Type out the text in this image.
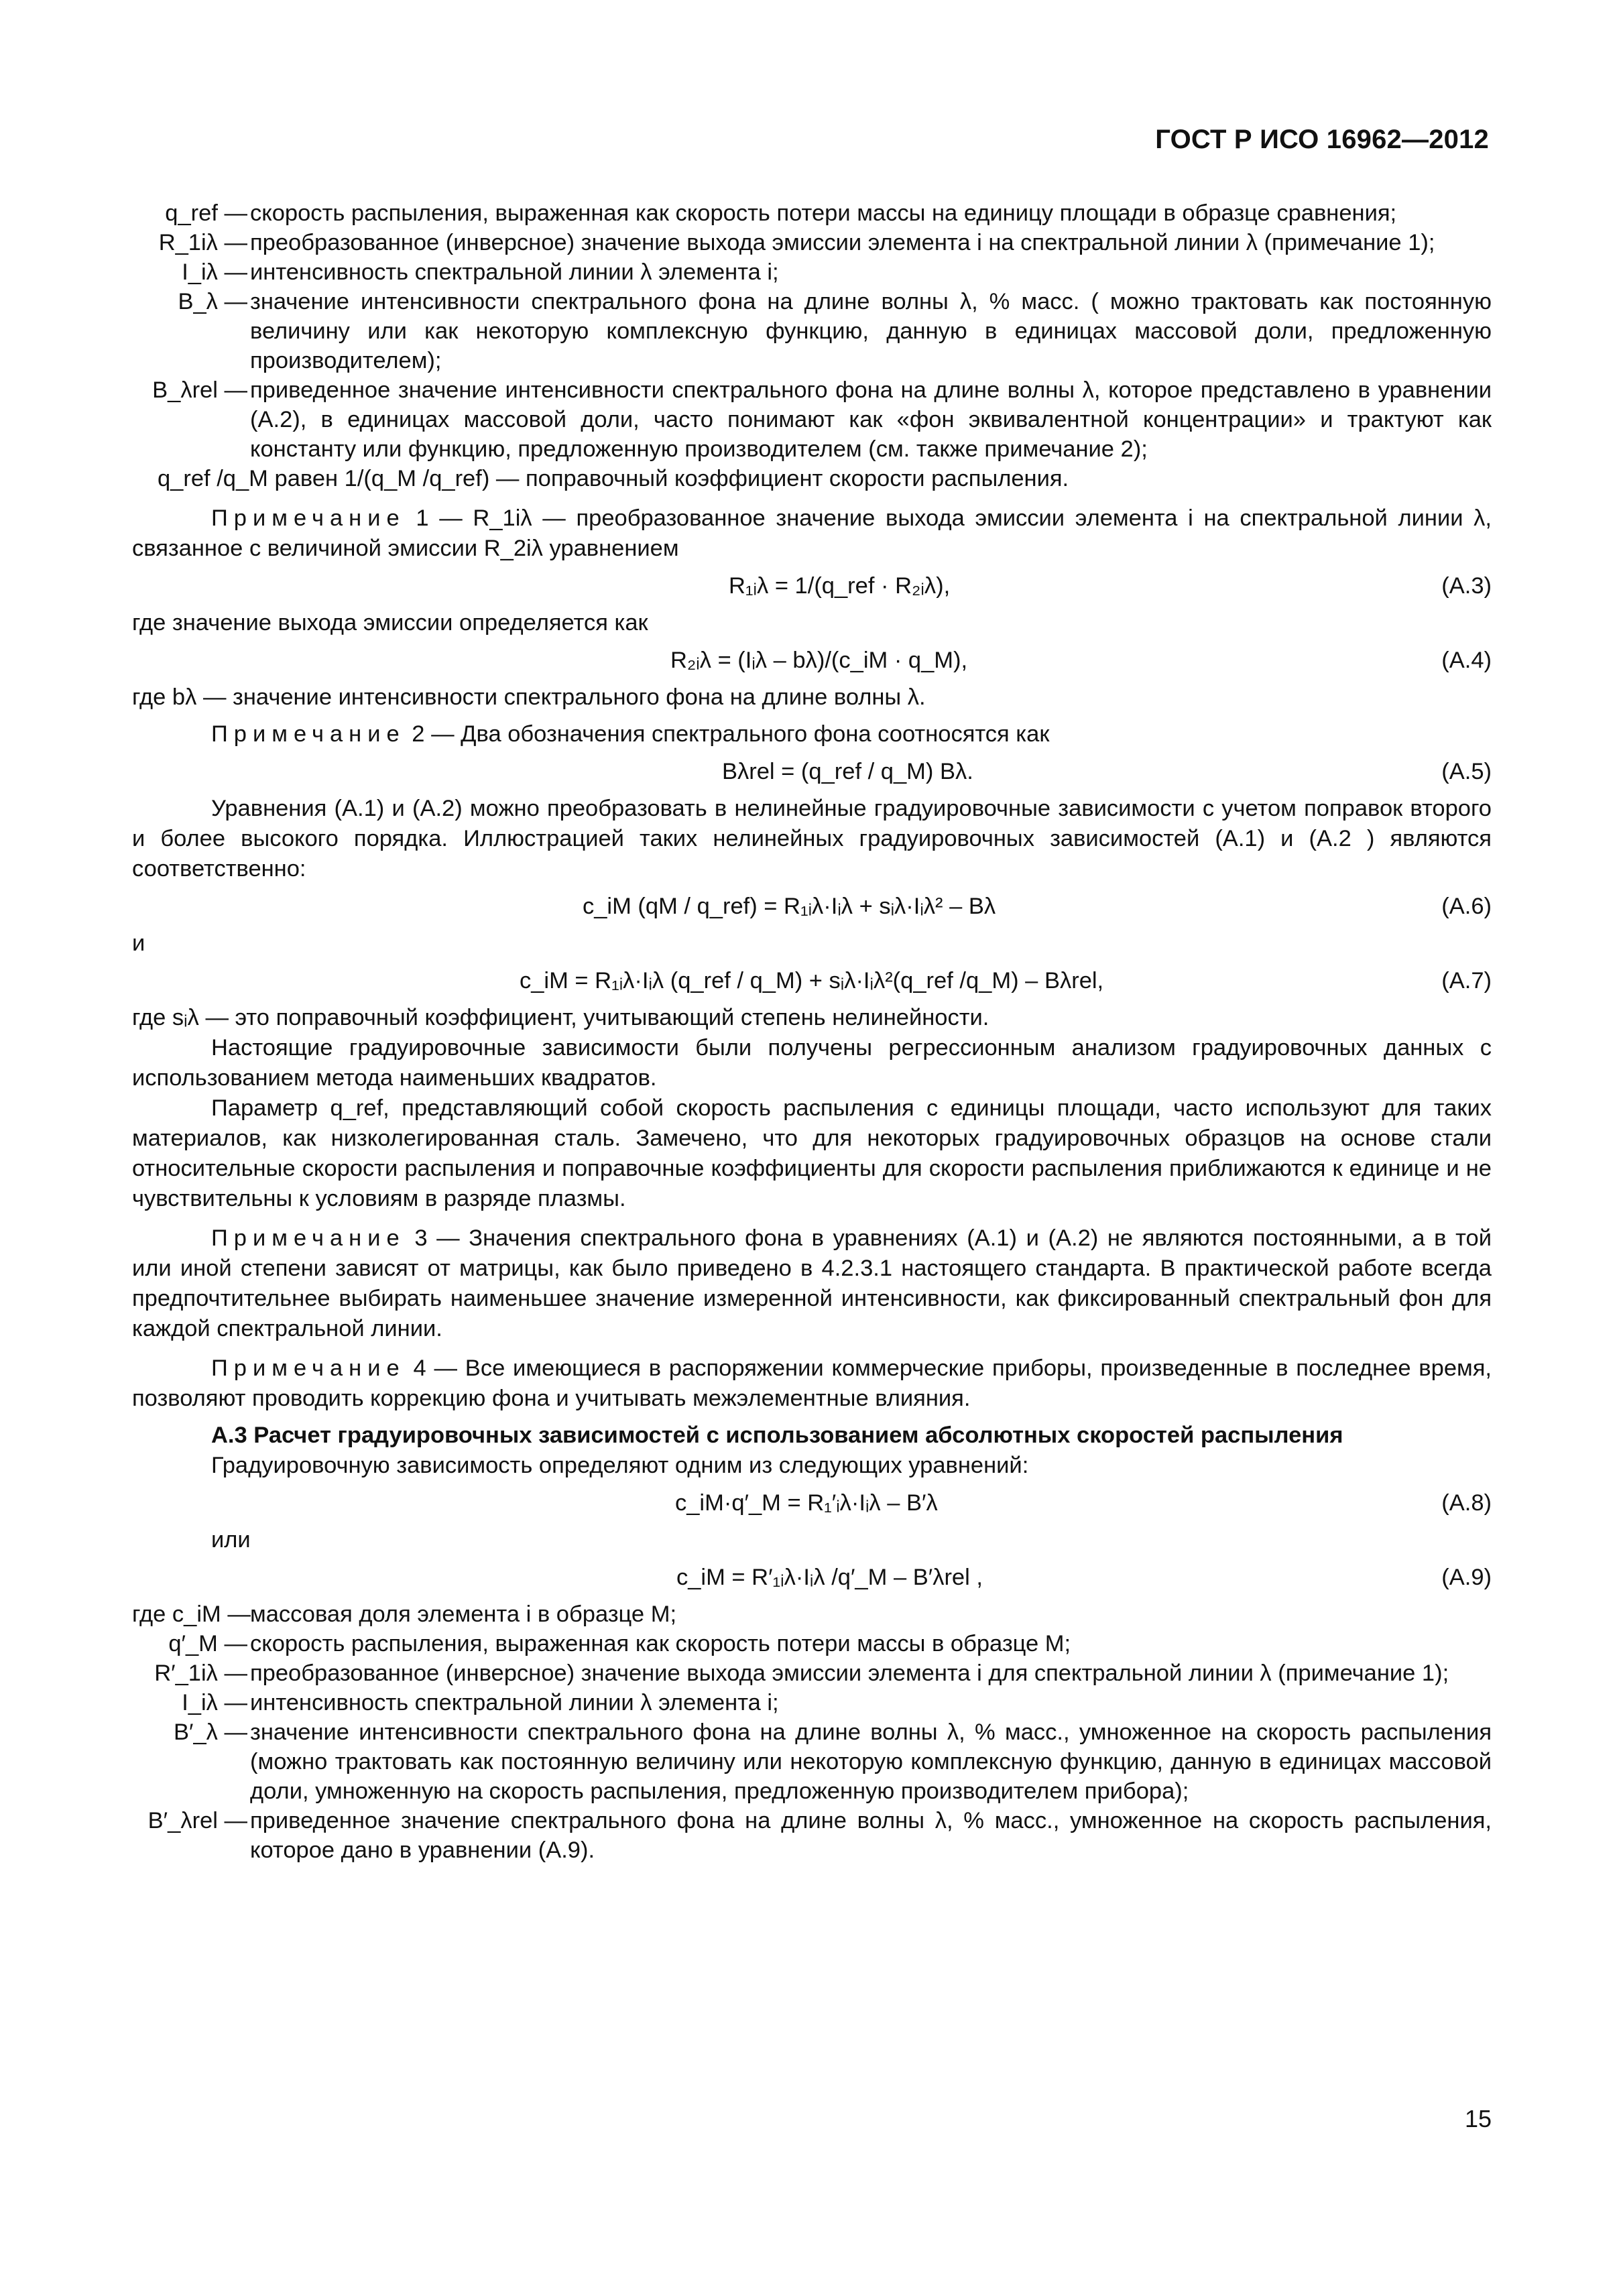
ГОСТ Р ИСО 16962—2012
q_ref — скорость распыления, выраженная как скорость потери массы на единицу площади в образце сравнения;
R_1iλ — преобразованное (инверсное) значение выхода эмиссии элемента i на спектральной линии λ (примечание 1);
I_iλ — интенсивность спектральной линии λ элемента i;
B_λ — значение интенсивности спектрального фона на длине волны λ, % масс. ( можно трактовать как постоянную величину или как некоторую комплексную функцию, данную в единицах массовой доли, предложенную производителем);
B_λrel — приведенное значение интенсивности спектрального фона на длине волны λ, которое представлено в уравнении (А.2), в единицах массовой доли, часто понимают как «фон эквивалентной концентрации» и трактуют как константу или функцию, предложенную производителем (см. также примечание 2);
q_ref /q_M равен 1/(q_M /q_ref) — поправочный коэффициент скорости распыления.
Примечание 1 — R_1iλ — преобразованное значение выхода эмиссии элемента i на спектральной линии λ, связанное с величиной эмиссии R_2iλ уравнением
R₁ᵢλ = 1/(q_ref · R₂ᵢλ),	(А.3)
где значение выхода эмиссии определяется как
R₂ᵢλ = (Iᵢλ – bλ)/(c_iM · q_M),	(А.4)
где bλ — значение интенсивности спектрального фона на длине волны λ.
Примечание 2 — Два обозначения спектрального фона соотносятся как
Bλrel = (q_ref / q_M) Bλ.	(А.5)
Уравнения (А.1) и (А.2) можно преобразовать в нелинейные градуировочные зависимости с учетом поправок второго и более высокого порядка. Иллюстрацией таких нелинейных градуировочных зависимостей (А.1) и (А.2 ) являются соответственно:
c_iM (qM / q_ref) = R₁ᵢλ·Iᵢλ + sᵢλ·Iᵢλ² – Bλ	(А.6)
и
c_iM = R₁ᵢλ·Iᵢλ (q_ref / q_M) + sᵢλ·Iᵢλ²(q_ref /q_M) – Bλrel,	(А.7)
где sᵢλ — это поправочный коэффициент, учитывающий степень нелинейности.
Настоящие градуировочные зависимости были получены регрессионным анализом градуировочных данных с использованием метода наименьших квадратов.
Параметр q_ref, представляющий собой скорость распыления с единицы площади, часто используют для таких материалов, как низколегированная сталь. Замечено, что для некоторых градуировочных образцов на основе стали относительные скорости распыления и поправочные коэффициенты для скорости распыления приближаются к единице и не чувствительны к условиям в разряде плазмы.
Примечание 3 — Значения спектрального фона в уравнениях (А.1) и (А.2) не являются постоянными, а в той или иной степени зависят от матрицы, как было приведено в 4.2.3.1 настоящего стандарта. В практической работе всегда предпочтительнее выбирать наименьшее значение измеренной интенсивности, как фиксированный спектральный фон для каждой спектральной линии.
Примечание 4 — Все имеющиеся в распоряжении коммерческие приборы, произведенные в последнее время, позволяют проводить коррекцию фона и учитывать межэлементные влияния.
А.3 Расчет градуировочных зависимостей с использованием абсолютных скоростей распыления
Градуировочную зависимость определяют одним из следующих уравнений:
c_iM·q′_M = R₁′ᵢλ·Iᵢλ – B′λ	(А.8)
или
c_iM = R′₁ᵢλ·Iᵢλ /q′_M – B′λrel ,	(А.9)
где c_iM — массовая доля элемента i в образце M;
q′_M — скорость распыления, выраженная как скорость потери массы в образце M;
R′_1iλ — преобразованное (инверсное) значение выхода эмиссии элемента i для спектральной линии λ (примечание 1);
I_iλ — интенсивность спектральной линии λ элемента i;
B′_λ — значение интенсивности спектрального фона на длине волны λ, % масс., умноженное на скорость распыления (можно трактовать как постоянную величину или некоторую комплексную функцию, данную в единицах массовой доли, умноженную на скорость распыления, предложенную производителем прибора);
B′_λrel — приведенное значение спектрального фона на длине волны λ, % масс., умноженное на скорость распыления, которое дано в уравнении (А.9).
15
